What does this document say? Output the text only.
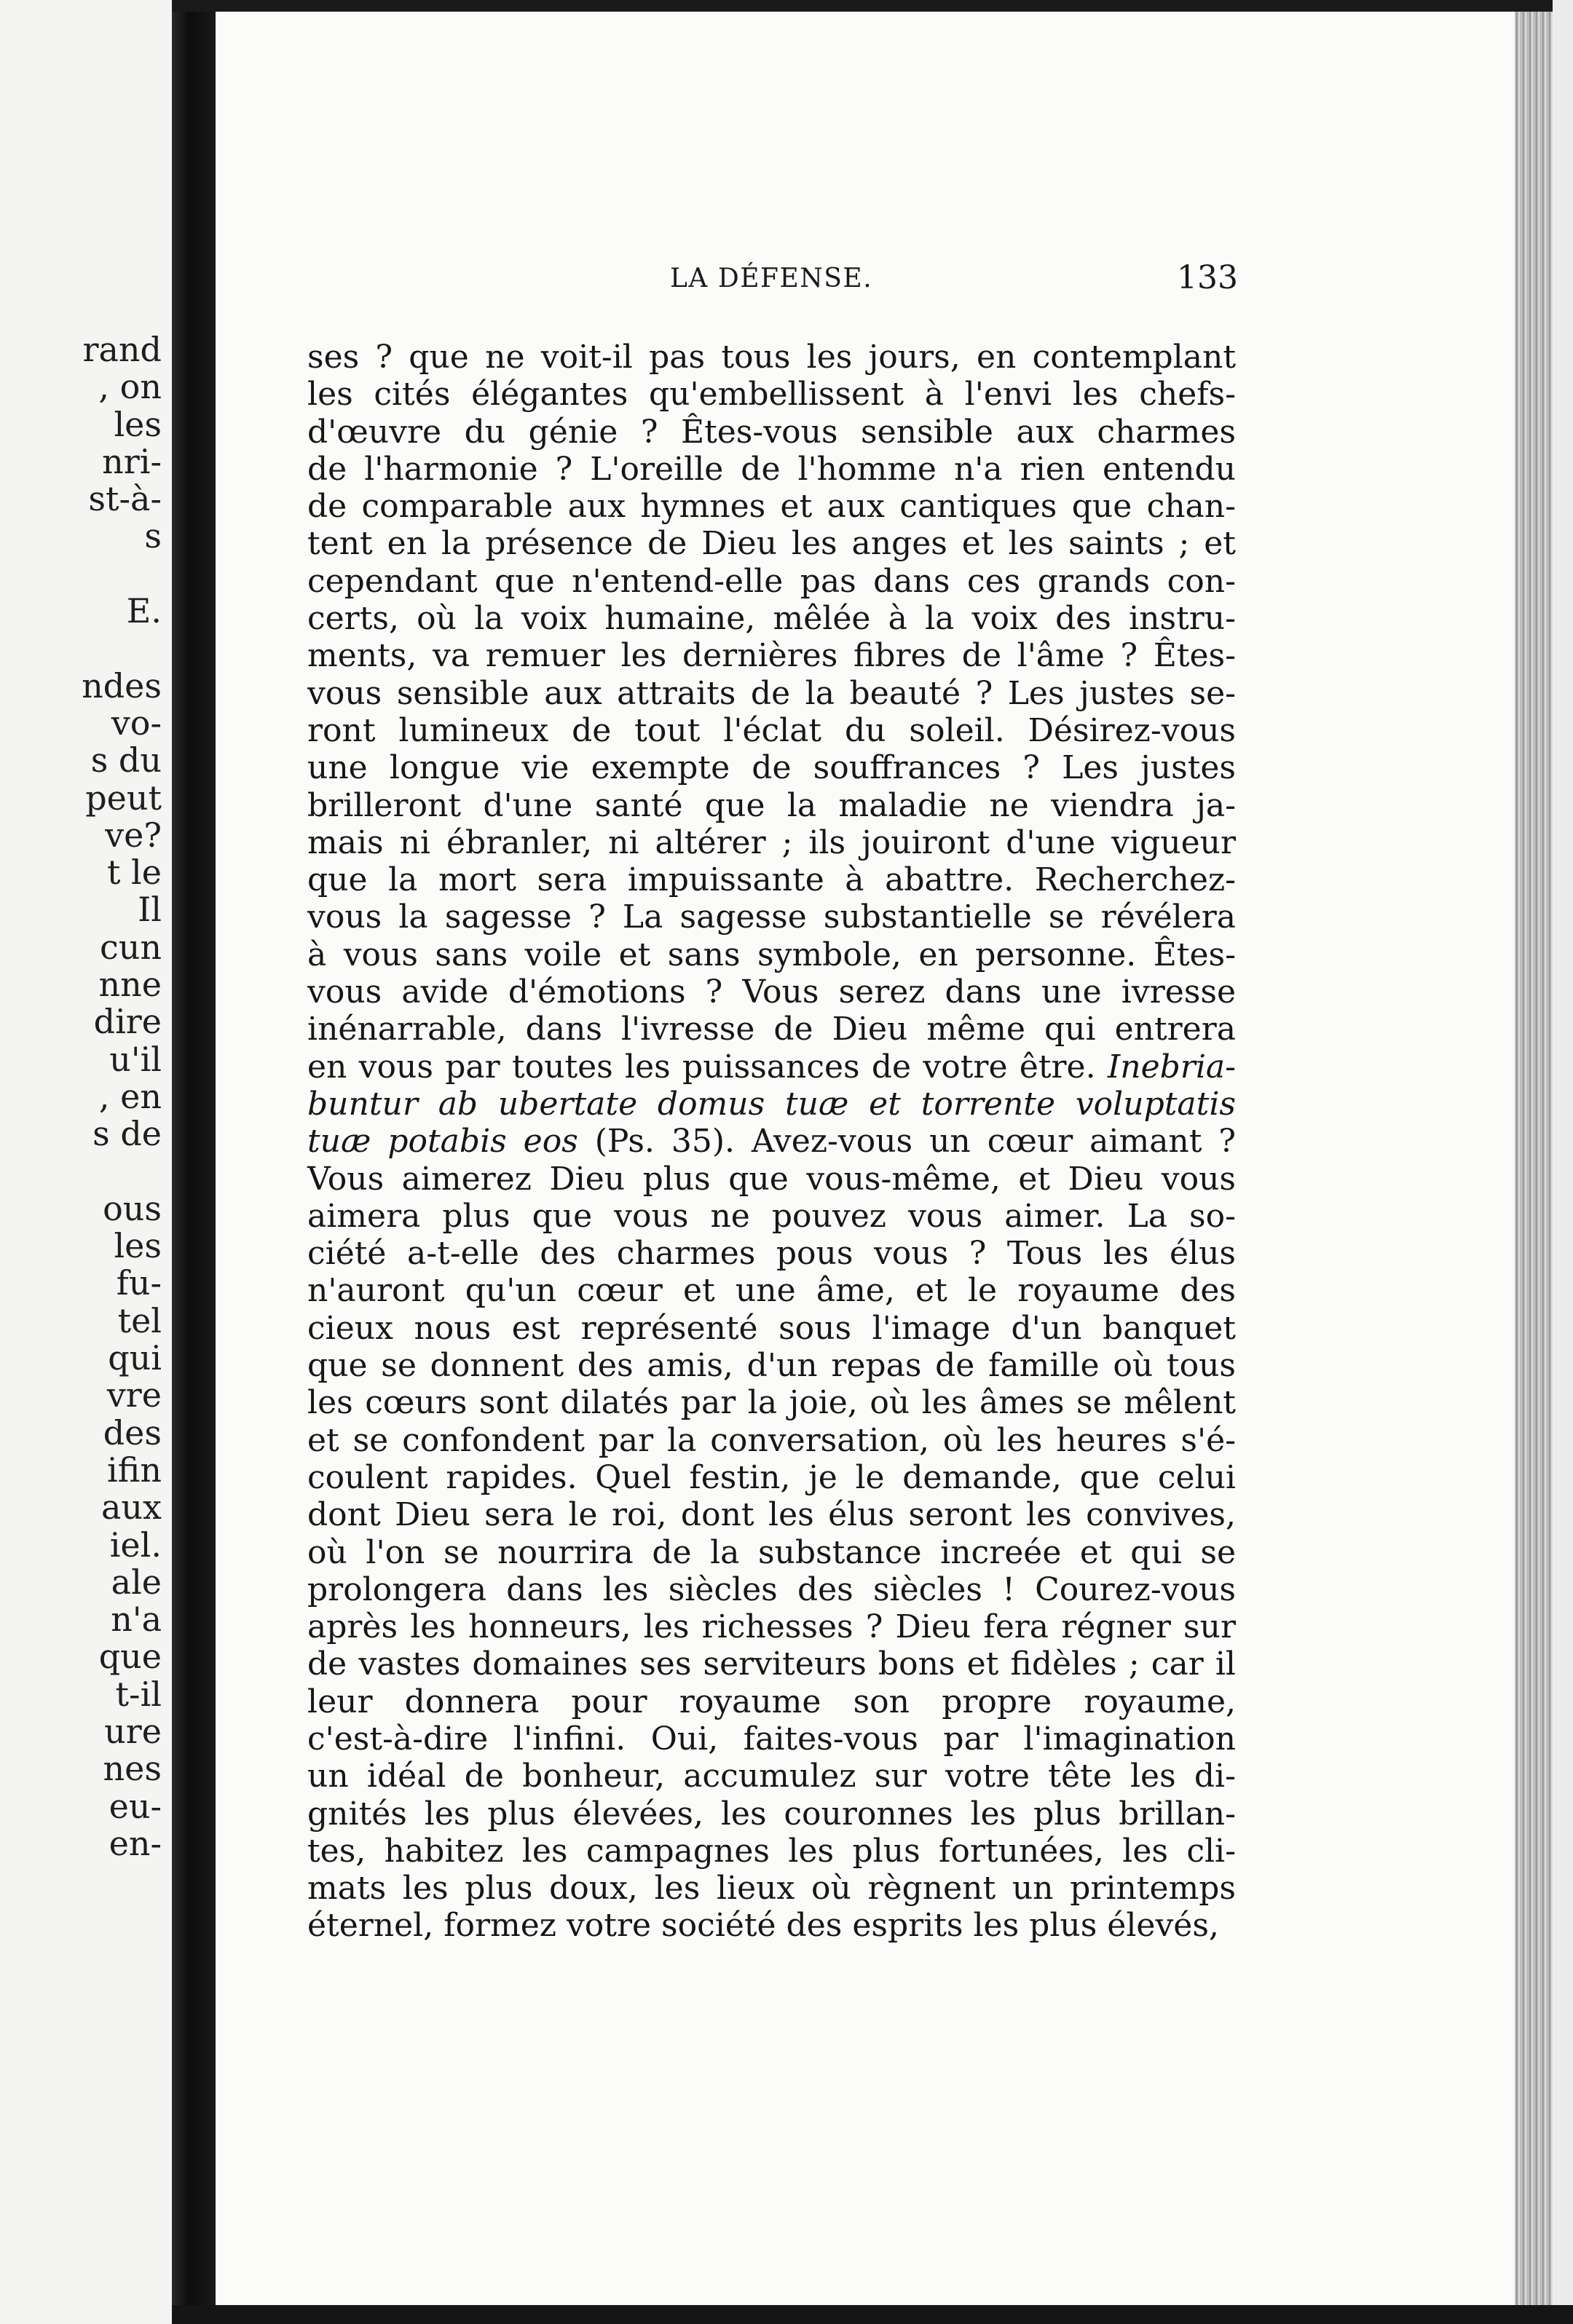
rand
, on
les
nri-
st-à-
s
E.
ndes
vo-
s du
peut
ve?
t le
Il
cun
nne
dire
u'il
, en
s de
ous
les
fu-
tel
qui
vre
des
ifin
aux
iel.
ale
n'a
que
t-il
ure
nes
eu-
en-
LA DÉFENSE.	133
ses ? que ne voit-il pas tous les jours, en contemplant
les cités élégantes qu'embellissent à l'envi les chefs-
d'œuvre du génie ? Êtes-vous sensible aux charmes
de l'harmonie ? L'oreille de l'homme n'a rien entendu
de comparable aux hymnes et aux cantiques que chan-
tent en la présence de Dieu les anges et les saints ; et
cependant que n'entend-elle pas dans ces grands con-
certs, où la voix humaine, mêlée à la voix des instru-
ments, va remuer les dernières fibres de l'âme ? Êtes-
vous sensible aux attraits de la beauté ? Les justes se-
ront lumineux de tout l'éclat du soleil. Désirez-vous
une longue vie exempte de souffrances ? Les justes
brilleront d'une santé que la maladie ne viendra ja-
mais ni ébranler, ni altérer ; ils jouiront d'une vigueur
que la mort sera impuissante à abattre. Recherchez-
vous la sagesse ? La sagesse substantielle se révélera
à vous sans voile et sans symbole, en personne. Êtes-
vous avide d'émotions ? Vous serez dans une ivresse
inénarrable, dans l'ivresse de Dieu même qui entrera
en vous par toutes les puissances de votre être. Inebria-
buntur ab ubertate domus tuæ et torrente voluptatis
tuæ potabis eos (Ps. 35). Avez-vous un cœur aimant ?
Vous aimerez Dieu plus que vous-même, et Dieu vous
aimera plus que vous ne pouvez vous aimer. La so-
ciété a-t-elle des charmes pous vous ? Tous les élus
n'auront qu'un cœur et une âme, et le royaume des
cieux nous est représenté sous l'image d'un banquet
que se donnent des amis, d'un repas de famille où tous
les cœurs sont dilatés par la joie, où les âmes se mêlent
et se confondent par la conversation, où les heures s'é-
coulent rapides. Quel festin, je le demande, que celui
dont Dieu sera le roi, dont les élus seront les convives,
où l'on se nourrira de la substance increée et qui se
prolongera dans les siècles des siècles ! Courez-vous
après les honneurs, les richesses ? Dieu fera régner sur
de vastes domaines ses serviteurs bons et fidèles ; car il
leur donnera pour royaume son propre royaume,
c'est-à-dire l'infini. Oui, faites-vous par l'imagination
un idéal de bonheur, accumulez sur votre tête les di-
gnités les plus élevées, les couronnes les plus brillan-
tes, habitez les campagnes les plus fortunées, les cli-
mats les plus doux, les lieux où règnent un printemps
éternel, formez votre société des esprits les plus élevés,
